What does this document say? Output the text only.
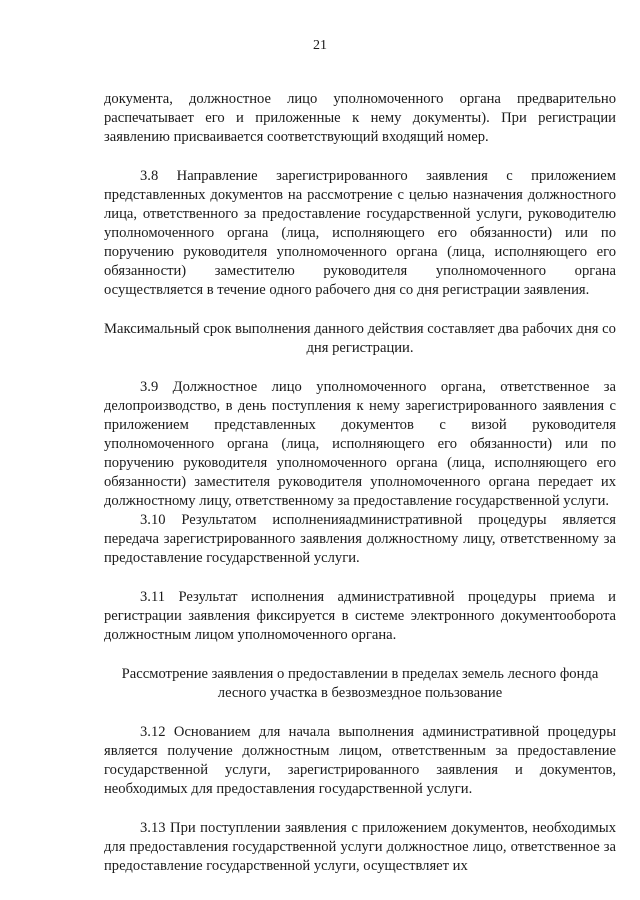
21

документа, должностное лицо уполномоченного органа предварительно распечатывает его и приложенные к нему документы). При регистрации заявлению присваивается соответствующий входящий номер.

3.8 Направление зарегистрированного заявления с приложением представленных документов на рассмотрение с целью назначения должностного лица, ответственного за предоставление государственной услуги, руководителю уполномоченного органа (лица, исполняющего его обязанности) или по поручению руководителя уполномоченного органа (лица, исполняющего его обязанности) заместителю руководителя уполномоченного органа осуществляется в течение одного рабочего дня со дня регистрации заявления.

Максимальный срок выполнения данного действия составляет два рабочих дня со дня регистрации.

3.9 Должностное лицо уполномоченного органа, ответственное за делопроизводство, в день поступления к нему зарегистрированного заявления с приложением представленных документов с визой руководителя уполномоченного органа (лица, исполняющего его обязанности) или по поручению руководителя уполномоченного органа (лица, исполняющего его обязанности) заместителя руководителя уполномоченного органа передает их должностному лицу, ответственному за предоставление государственной услуги.

3.10 Результатом исполненияадминистративной процедуры является передача зарегистрированного заявления должностному лицу, ответственному за предоставление государственной услуги.

3.11 Результат исполнения административной процедуры приема и регистрации заявления фиксируется в системе электронного документооборота должностным лицом уполномоченного органа.

Рассмотрение заявления о предоставлении в пределах земель лесного фонда лесного участка в безвозмездное пользование

3.12 Основанием для начала выполнения административной процедуры является получение должностным лицом, ответственным за предоставление государственной услуги, зарегистрированного заявления и документов, необходимых для предоставления государственной услуги.

3.13 При поступлении заявления с приложением документов, необходимых для предоставления государственной услуги должностное лицо, ответственное за предоставление государственной услуги, осуществляет их
